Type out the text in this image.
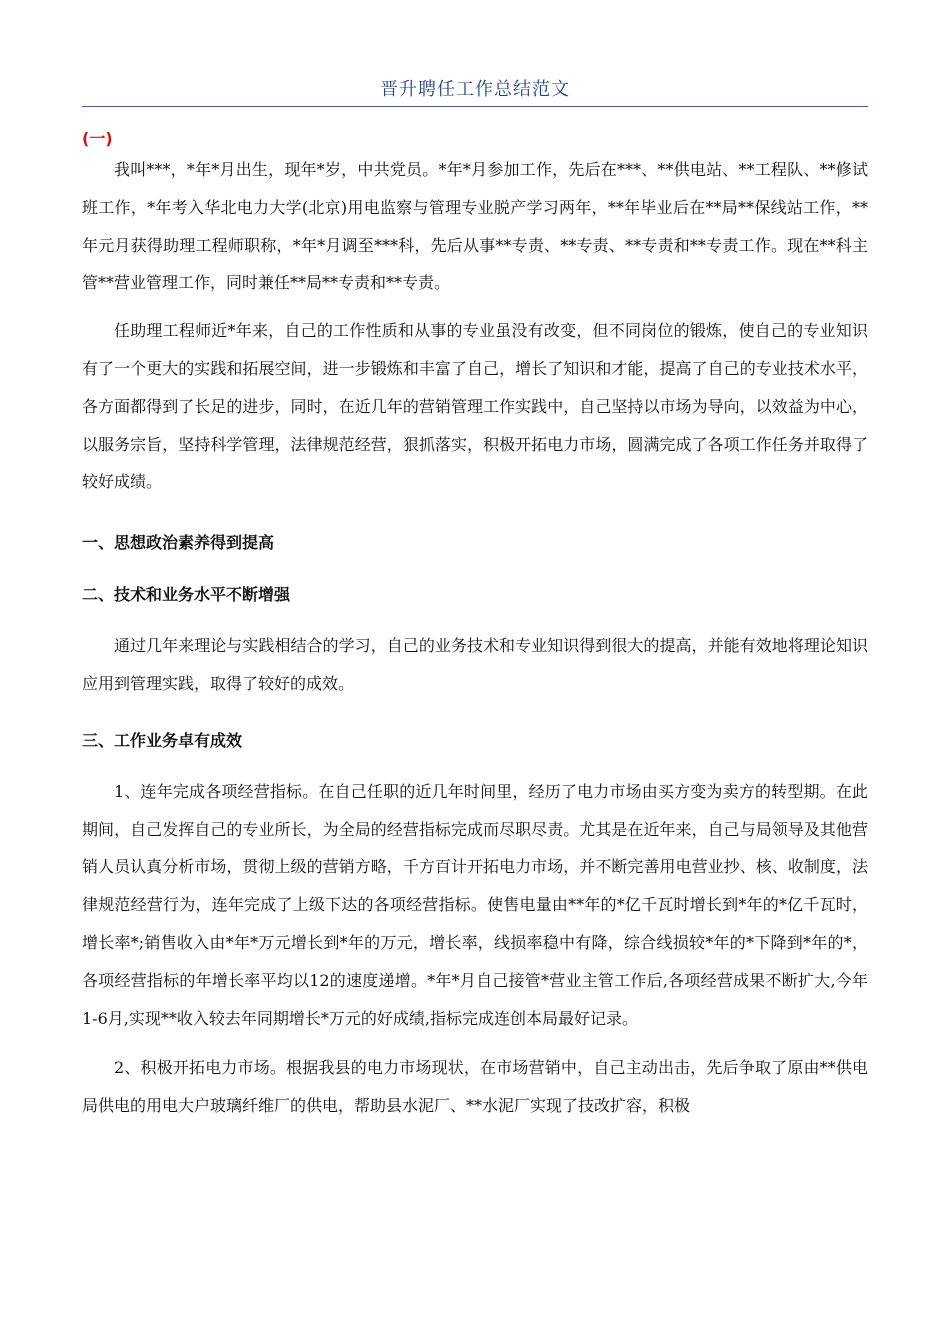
晋升聘任工作总结范文
(一)

我叫***，*年*月出生，现年*岁，中共党员。*年*月参加工作，先后在***、**供电站、**工程队、**修试班工作，*年考入华北电力大学(北京)用电监察与管理专业脱产学习两年，**年毕业后在**局**保线站工作，**年元月获得助理工程师职称，*年*月调至***科，先后从事**专责、**专责、**专责和**专责工作。现在**科主管**营业管理工作，同时兼任**局**专责和**专责。

任助理工程师近*年来，自己的工作性质和从事的专业虽没有改变，但不同岗位的锻炼，使自己的专业知识有了一个更大的实践和拓展空间，进一步锻炼和丰富了自己，增长了知识和才能，提高了自己的专业技术水平，各方面都得到了长足的进步，同时，在近几年的营销管理工作实践中，自己坚持以市场为导向，以效益为中心，以服务宗旨，坚持科学管理，法律规范经营，狠抓落实，积极开拓电力市场，圆满完成了各项工作任务并取得了较好成绩。

一、思想政治素养得到提高

二、技术和业务水平不断增强

通过几年来理论与实践相结合的学习，自己的业务技术和专业知识得到很大的提高，并能有效地将理论知识应用到管理实践，取得了较好的成效。

三、工作业务卓有成效

1、连年完成各项经营指标。在自己任职的近几年时间里，经历了电力市场由买方变为卖方的转型期。在此期间，自己发挥自己的专业所长，为全局的经营指标完成而尽职尽责。尤其是在近年来，自己与局领导及其他营销人员认真分析市场，贯彻上级的营销方略，千方百计开拓电力市场，并不断完善用电营业抄、核、收制度，法律规范经营行为，连年完成了上级下达的各项经营指标。使售电量由**年的*亿千瓦时增长到*年的*亿千瓦时，增长率*;销售收入由*年*万元增长到*年的万元，增长率，线损率稳中有降，综合线损较*年的*下降到*年的*，各项经营指标的年增长率平均以12的速度递增。*年*月自己接管*营业主管工作后,各项经营成果不断扩大,今年1-6月,实现**收入较去年同期增长*万元的好成绩,指标完成连创本局最好记录。

2、积极开拓电力市场。根据我县的电力市场现状，在市场营销中，自己主动出击，先后争取了原由**供电局供电的用电大户玻璃纤维厂的供电，帮助县水泥厂、**水泥厂实现了技改扩容，积极
